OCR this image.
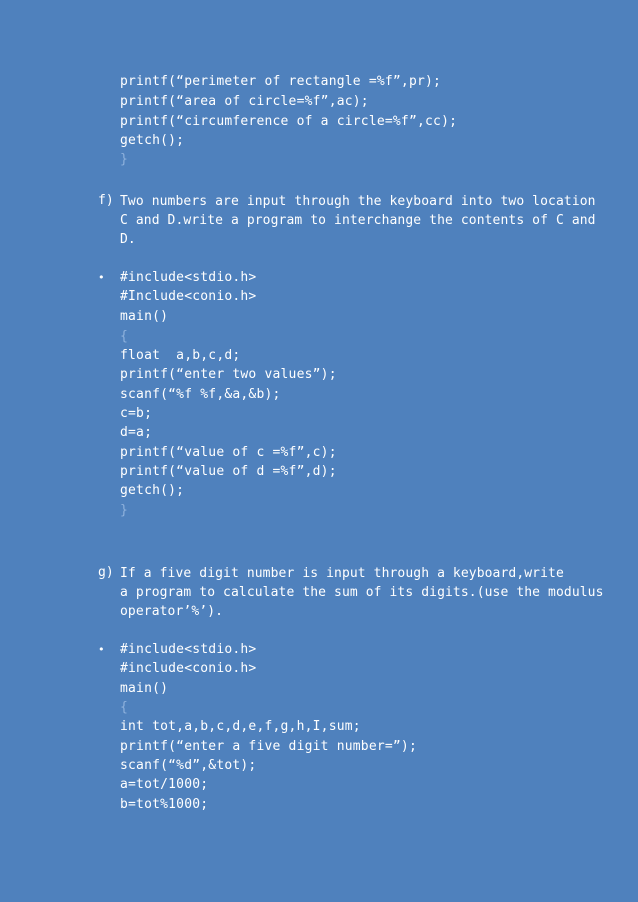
printf(“perimeter of rectangle =%f”,pr);
printf(“area of circle=%f”,ac);
printf(“circumference of a circle=%f”,cc);
getch();
}
f) Two numbers are input through the keyboard into two location
C and D.write a program to interchange the contents of C and
D.
• #include<stdio.h>
#Include<conio.h>
main()
{
float  a,b,c,d;
printf(“enter two values”);
scanf(“%f %f,&a,&b);
c=b;
d=a;
printf(“value of c =%f”,c);
printf(“value of d =%f”,d);
getch();
}
g) If a five digit number is input through a keyboard,write
a program to calculate the sum of its digits.(use the modulus
operator’%’).
• #include<stdio.h>
#include<conio.h>
main()
{
int tot,a,b,c,d,e,f,g,h,I,sum;
printf(“enter a five digit number=”);
scanf(“%d”,&tot);
a=tot/1000;
b=tot%1000;
